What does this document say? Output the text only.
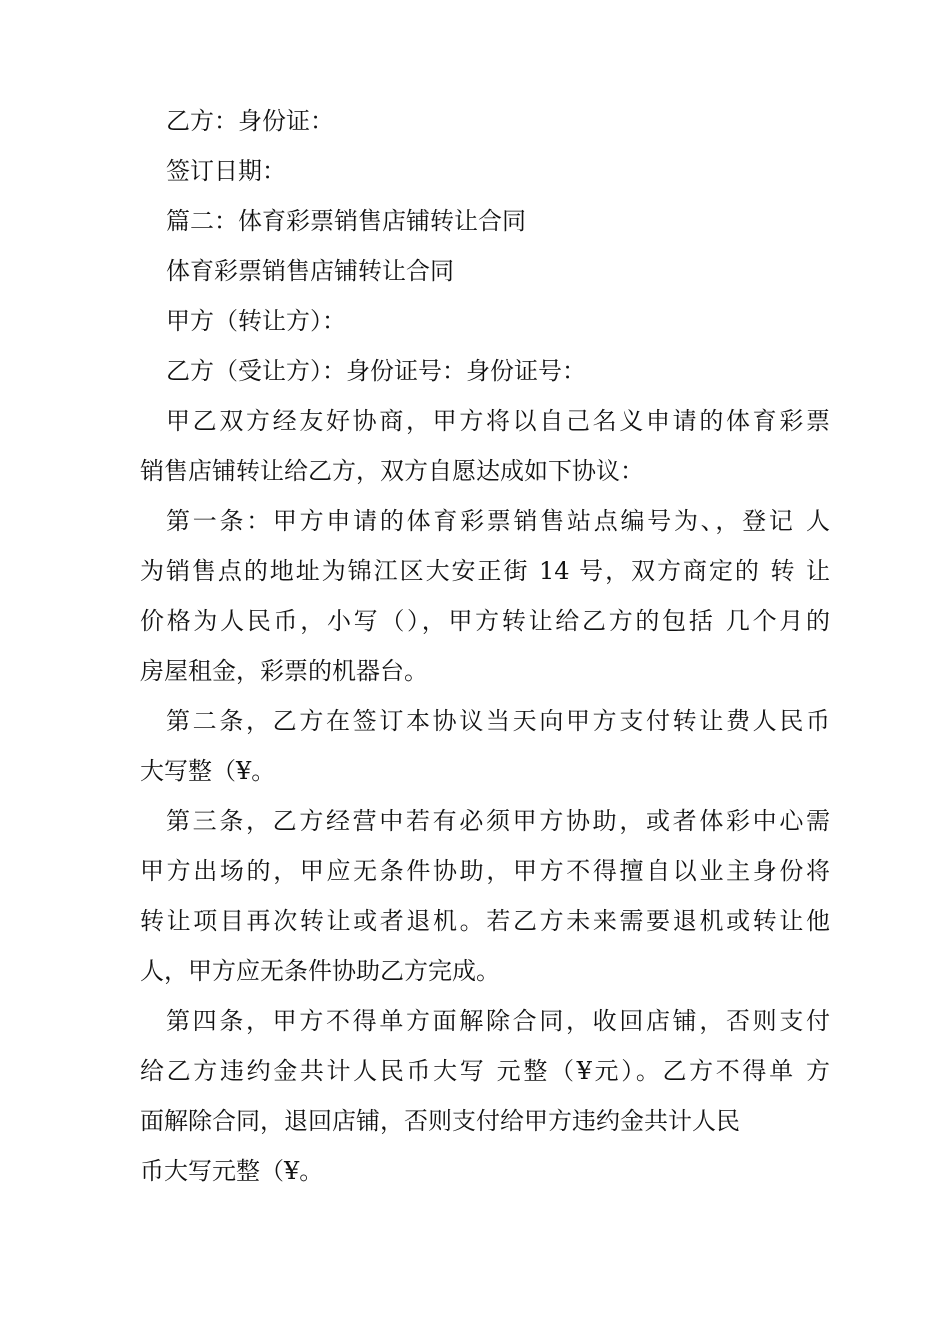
乙方：身份证：
签订日期：
篇二：体育彩票销售店铺转让合同
体育彩票销售店铺转让合同
甲方（转让方）：
乙方（受让方）：身份证号：身份证号：
甲乙双方经友好协商，甲方将以自己名义申请的体育彩票
销售店铺转让给乙方，双方自愿达成如下协议：
第一条：甲方申请的体育彩票销售站点编号为、，登记 人
为销售点的地址为锦江区大安正街 14 号，双方商定的 转 让
价格为人民币，小写（），甲方转让给乙方的包括 几个月的
房屋租金，彩票的机器台。
第二条，乙方在签订本协议当天向甲方支付转让费人民币
大写整（¥。
第三条，乙方经营中若有必须甲方协助，或者体彩中心需
甲方出场的，甲应无条件协助，甲方不得擅自以业主身份将
转让项目再次转让或者退机。若乙方未来需要退机或转让他
人，甲方应无条件协助乙方完成。
第四条，甲方不得单方面解除合同，收回店铺，否则支付
给乙方违约金共计人民币大写 元整（¥元）。乙方不得单 方
面解除合同，退回店铺，否则支付给甲方违约金共计人民
币大写元整（¥。
